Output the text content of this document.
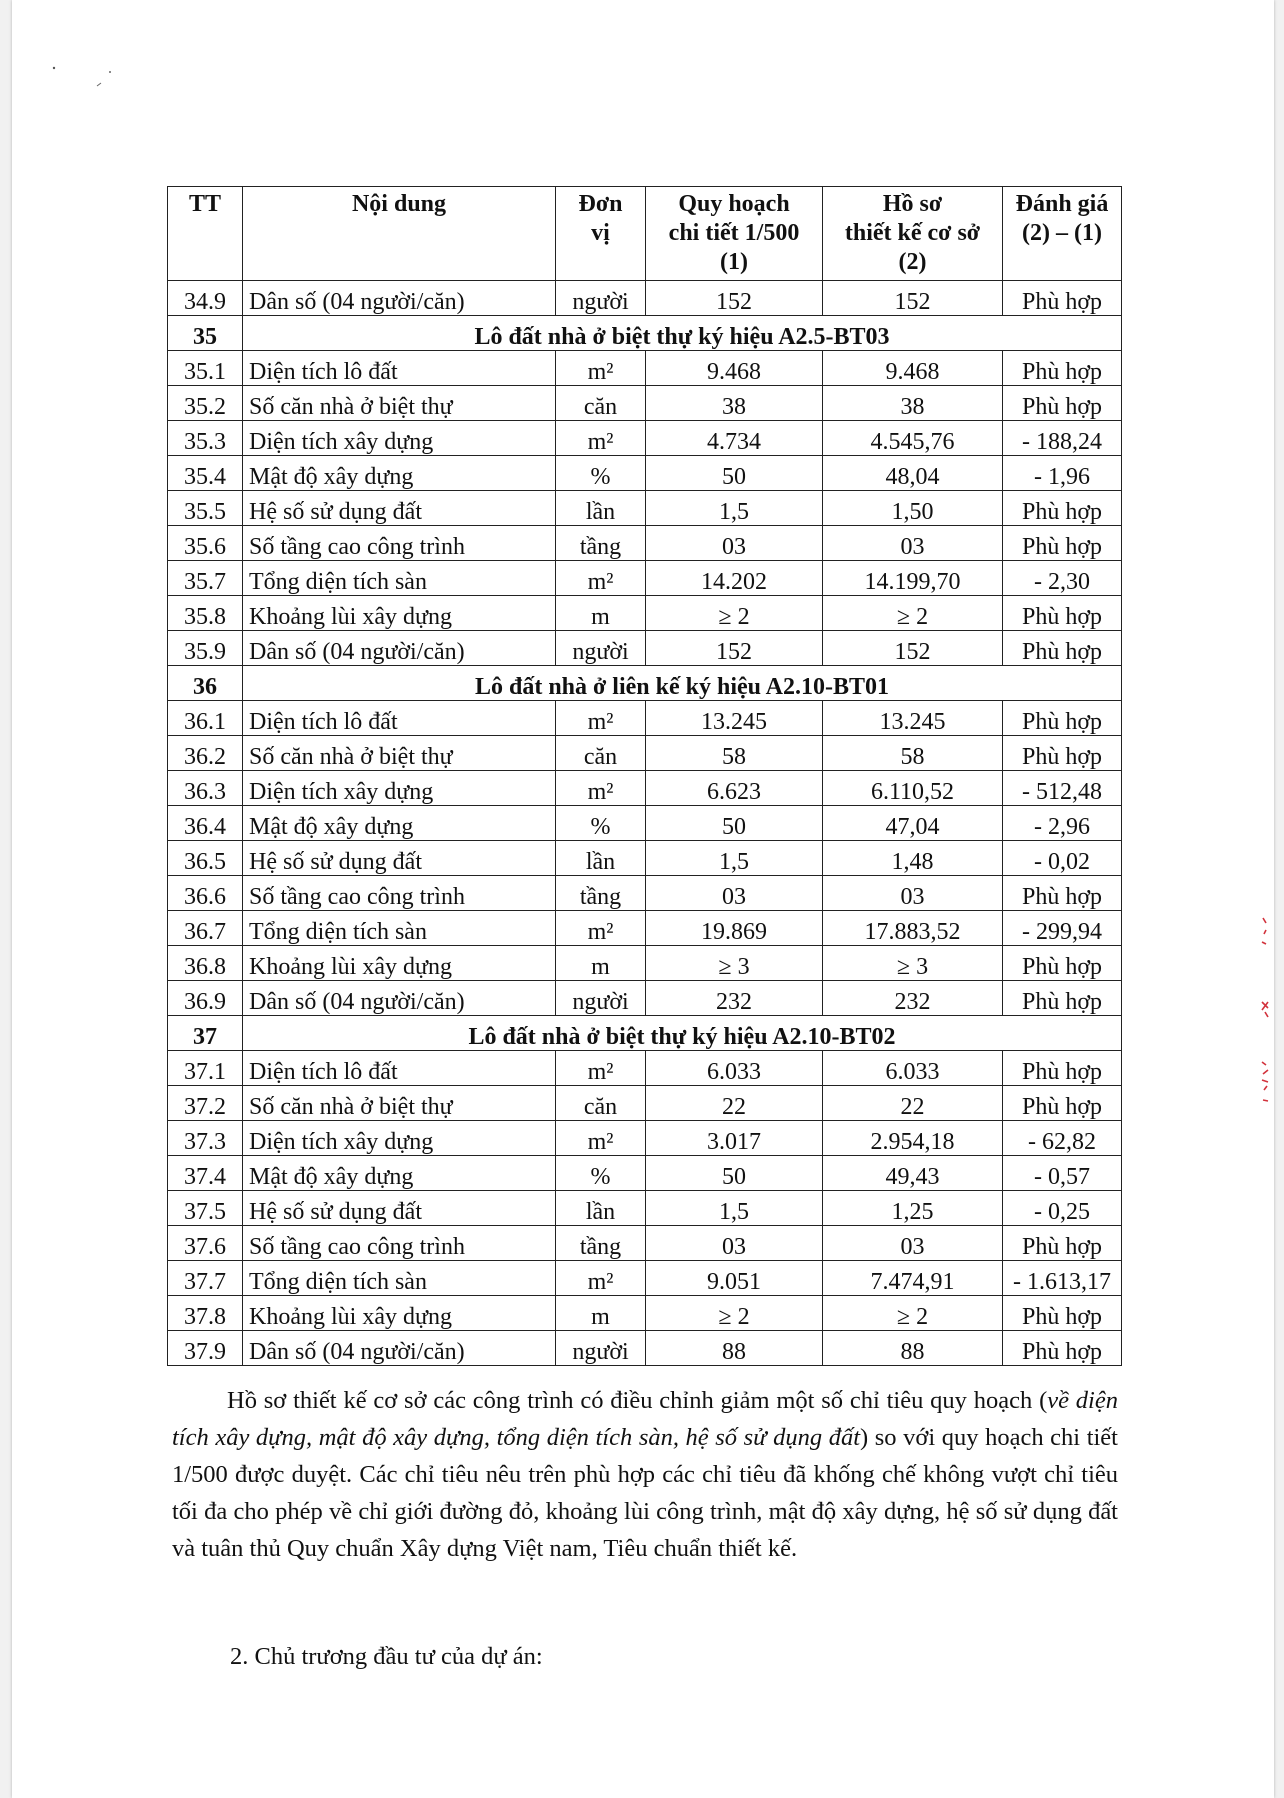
TT	Nội dung	Đơn
vị	Quy hoạch
chi tiết 1/500
(1)	Hồ sơ
thiết kế cơ sở
(2)	Đánh giá
(2) – (1)
34.9	Dân số (04 người/căn)	người	152	152	Phù hợp
35	Lô đất nhà ở biệt thự ký hiệu A2.5-BT03				
35.1	Diện tích lô đất	m²	9.468	9.468	Phù hợp
35.2	Số căn nhà ở biệt thự	căn	38	38	Phù hợp
35.3	Diện tích xây dựng	m²	4.734	4.545,76	- 188,24
35.4	Mật độ xây dựng	%	50	48,04	- 1,96
35.5	Hệ số sử dụng đất	lần	1,5	1,50	Phù hợp
35.6	Số tầng cao công trình	tầng	03	03	Phù hợp
35.7	Tổng diện tích sàn	m²	14.202	14.199,70	- 2,30
35.8	Khoảng lùi xây dựng	m	≥ 2	≥ 2	Phù hợp
35.9	Dân số (04 người/căn)	người	152	152	Phù hợp
36	Lô đất nhà ở liên kế ký hiệu A2.10-BT01				
36.1	Diện tích lô đất	m²	13.245	13.245	Phù hợp
36.2	Số căn nhà ở biệt thự	căn	58	58	Phù hợp
36.3	Diện tích xây dựng	m²	6.623	6.110,52	- 512,48
36.4	Mật độ xây dựng	%	50	47,04	- 2,96
36.5	Hệ số sử dụng đất	lần	1,5	1,48	- 0,02
36.6	Số tầng cao công trình	tầng	03	03	Phù hợp
36.7	Tổng diện tích sàn	m²	19.869	17.883,52	- 299,94
36.8	Khoảng lùi xây dựng	m	≥ 3	≥ 3	Phù hợp
36.9	Dân số (04 người/căn)	người	232	232	Phù hợp
37	Lô đất nhà ở biệt thự ký hiệu A2.10-BT02				
37.1	Diện tích lô đất	m²	6.033	6.033	Phù hợp
37.2	Số căn nhà ở biệt thự	căn	22	22	Phù hợp
37.3	Diện tích xây dựng	m²	3.017	2.954,18	- 62,82
37.4	Mật độ xây dựng	%	50	49,43	- 0,57
37.5	Hệ số sử dụng đất	lần	1,5	1,25	- 0,25
37.6	Số tầng cao công trình	tầng	03	03	Phù hợp
37.7	Tổng diện tích sàn	m²	9.051	7.474,91	- 1.613,17
37.8	Khoảng lùi xây dựng	m	≥ 2	≥ 2	Phù hợp
37.9	Dân số (04 người/căn)	người	88	88	Phù hợp

Hồ sơ thiết kế cơ sở các công trình có điều chỉnh giảm một số chỉ tiêu quy hoạch (về diện tích xây dựng, mật độ xây dựng, tổng diện tích sàn, hệ số sử dụng đất) so với quy hoạch chi tiết 1/500 được duyệt. Các chỉ tiêu nêu trên phù hợp các chỉ tiêu đã khống chế không vượt chỉ tiêu tối đa cho phép về chỉ giới đường đỏ, khoảng lùi công trình, mật độ xây dựng, hệ số sử dụng đất và tuân thủ Quy chuẩn Xây dựng Việt nam, Tiêu chuẩn thiết kế.

2. Chủ trương đầu tư của dự án:
